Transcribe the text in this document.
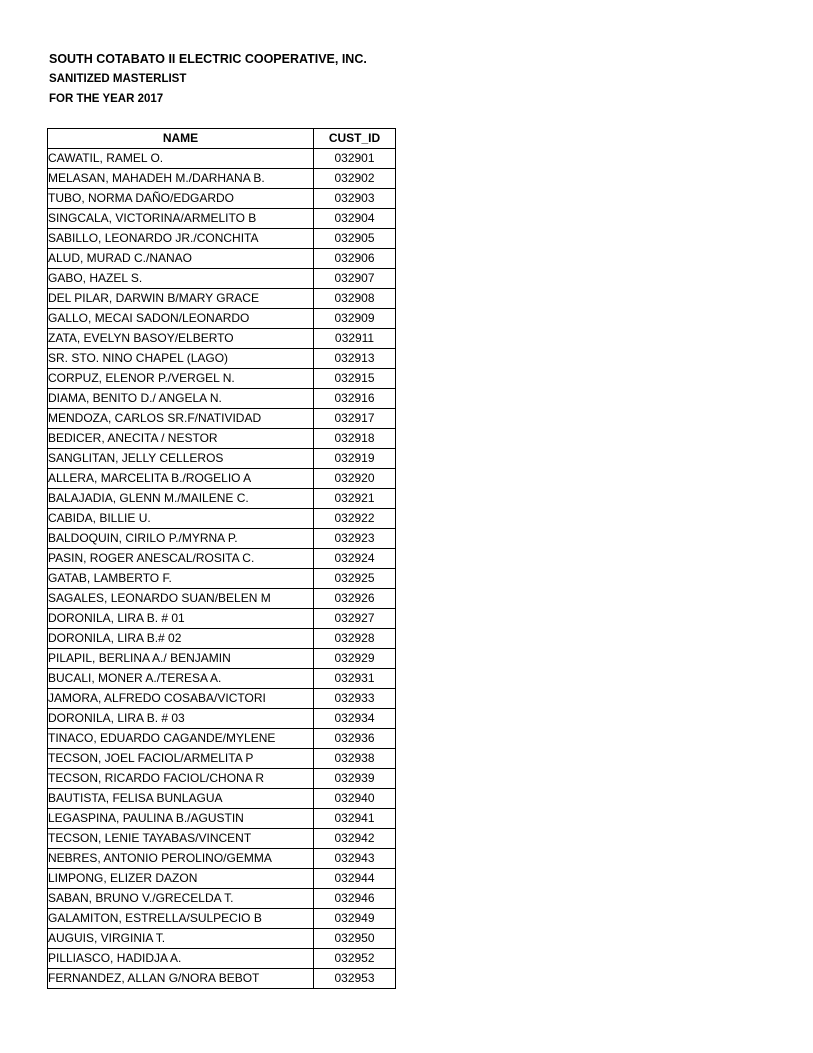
SOUTH COTABATO II ELECTRIC COOPERATIVE, INC.
SANITIZED MASTERLIST
FOR THE YEAR 2017
NAME	CUST_ID
CAWATIL, RAMEL O.	032901
MELASAN, MAHADEH M./DARHANA B.	032902
TUBO, NORMA DAÑO/EDGARDO	032903
SINGCALA, VICTORINA/ARMELITO B	032904
SABILLO, LEONARDO JR./CONCHITA	032905
ALUD, MURAD C./NANAO	032906
GABO, HAZEL S.	032907
DEL PILAR, DARWIN B/MARY GRACE	032908
GALLO, MECAI SADON/LEONARDO	032909
ZATA, EVELYN BASOY/ELBERTO	032911
SR. STO. NINO CHAPEL (LAGO)	032913
CORPUZ, ELENOR P./VERGEL N.	032915
DIAMA, BENITO D./ ANGELA N.	032916
MENDOZA, CARLOS SR.F/NATIVIDAD	032917
BEDICER, ANECITA / NESTOR	032918
SANGLITAN, JELLY CELLEROS	032919
ALLERA, MARCELITA B./ROGELIO A	032920
BALAJADIA, GLENN M./MAILENE C.	032921
CABIDA, BILLIE U.	032922
BALDOQUIN, CIRILO P./MYRNA P.	032923
PASIN, ROGER ANESCAL/ROSITA C.	032924
GATAB, LAMBERTO F.	032925
SAGALES, LEONARDO SUAN/BELEN M	032926
DORONILA, LIRA B. # 01	032927
DORONILA, LIRA B.# 02	032928
PILAPIL, BERLINA A./ BENJAMIN	032929
BUCALI, MONER A./TERESA A.	032931
JAMORA, ALFREDO COSABA/VICTORI	032933
DORONILA, LIRA B. # 03	032934
TINACO, EDUARDO CAGANDE/MYLENE	032936
TECSON, JOEL FACIOL/ARMELITA P	032938
TECSON, RICARDO FACIOL/CHONA R	032939
BAUTISTA, FELISA BUNLAGUA	032940
LEGASPINA, PAULINA B./AGUSTIN	032941
TECSON, LENIE TAYABAS/VINCENT	032942
NEBRES, ANTONIO PEROLINO/GEMMA	032943
LIMPONG, ELIZER DAZON	032944
SABAN, BRUNO V./GRECELDA T.	032946
GALAMITON, ESTRELLA/SULPECIO B	032949
AUGUIS, VIRGINIA T.	032950
PILLIASCO, HADIDJA A.	032952
FERNANDEZ, ALLAN G/NORA BEBOT	032953
